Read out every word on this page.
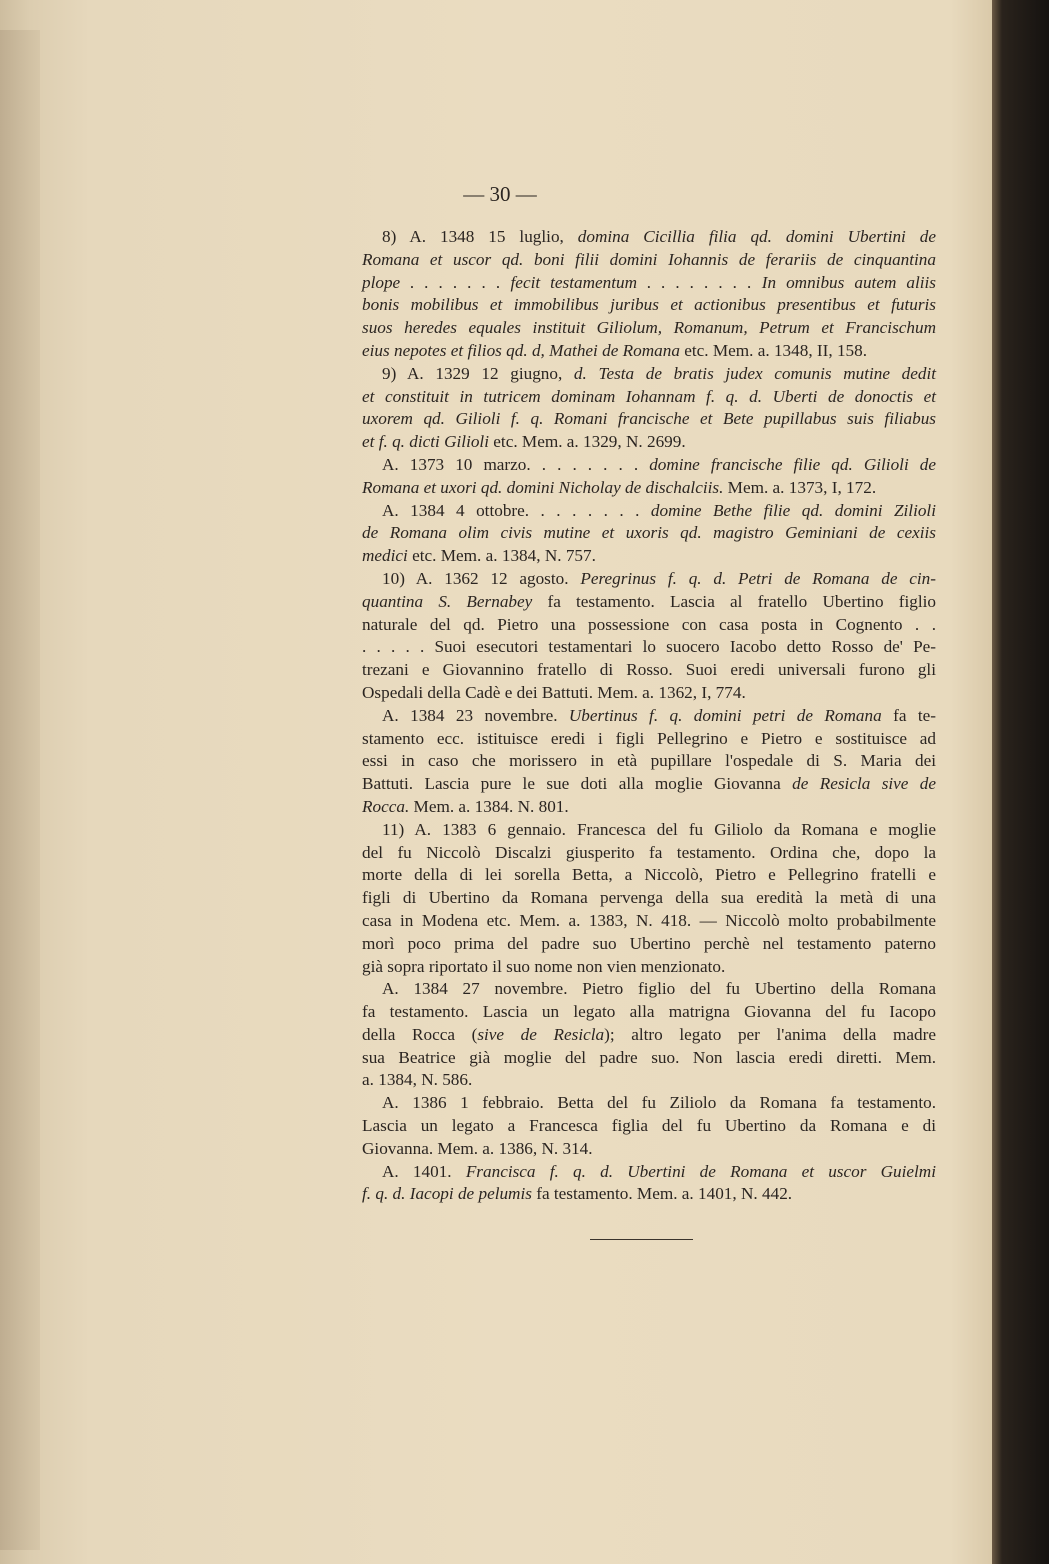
— 30 —
8) A. 1348 15 luglio, domina Cicillia filia qd. domini Ubertini de
Romana et uscor qd. boni filii domini Iohannis de ferariis de cinquantina
plope . . . . . . . fecit testamentum . . . . . . . . In omnibus autem aliis
bonis mobilibus et immobilibus juribus et actionibus presentibus et futuris
suos heredes equales instituit Giliolum, Romanum, Petrum et Francischum
eius nepotes et filios qd. d, Mathei de Romana etc. Mem. a. 1348, II, 158.
9) A. 1329 12 giugno, d. Testa de bratis judex comunis mutine dedit
et constituit in tutricem dominam Iohannam f. q. d. Uberti de donoctis et
uxorem qd. Gilioli f. q. Romani francische et Bete pupillabus suis filiabus
et f. q. dicti Gilioli etc. Mem. a. 1329, N. 2699.
A. 1373 10 marzo. . . . . . . . domine francische filie qd. Gilioli de
Romana et uxori qd. domini Nicholay de dischalciis. Mem. a. 1373, I, 172.
A. 1384 4 ottobre. . . . . . . . domine Bethe filie qd. domini Zilioli
de Romana olim civis mutine et uxoris qd. magistro Geminiani de cexiis
medici etc. Mem. a. 1384, N. 757.
10) A. 1362 12 agosto. Peregrinus f. q. d. Petri de Romana de cin-
quantina S. Bernabey fa testamento. Lascia al fratello Ubertino figlio
naturale del qd. Pietro una possessione con casa posta in Cognento . .
. . . . . Suoi esecutori testamentari lo suocero Iacobo detto Rosso de' Pe-
trezani e Giovannino fratello di Rosso. Suoi eredi universali furono gli
Ospedali della Cadè e dei Battuti. Mem. a. 1362, I, 774.
A. 1384 23 novembre. Ubertinus f. q. domini petri de Romana fa te-
stamento ecc. istituisce eredi i figli Pellegrino e Pietro e sostituisce ad
essi in caso che morissero in età pupillare l'ospedale di S. Maria dei
Battuti. Lascia pure le sue doti alla moglie Giovanna de Resicla sive de
Rocca. Mem. a. 1384. N. 801.
11) A. 1383 6 gennaio. Francesca del fu Giliolo da Romana e moglie
del fu Niccolò Discalzi giusperito fa testamento. Ordina che, dopo la
morte della di lei sorella Betta, a Niccolò, Pietro e Pellegrino fratelli e
figli di Ubertino da Romana pervenga della sua eredità la metà di una
casa in Modena etc. Mem. a. 1383, N. 418. — Niccolò molto probabilmente
morì poco prima del padre suo Ubertino perchè nel testamento paterno
già sopra riportato il suo nome non vien menzionato.
A. 1384 27 novembre. Pietro figlio del fu Ubertino della Romana
fa testamento. Lascia un legato alla matrigna Giovanna del fu Iacopo
della Rocca (sive de Resicla); altro legato per l'anima della madre
sua Beatrice già moglie del padre suo. Non lascia eredi diretti. Mem.
a. 1384, N. 586.
A. 1386 1 febbraio. Betta del fu Ziliolo da Romana fa testamento.
Lascia un legato a Francesca figlia del fu Ubertino da Romana e di
Giovanna. Mem. a. 1386, N. 314.
A. 1401. Francisca f. q. d. Ubertini de Romana et uscor Guielmi
f. q. d. Iacopi de pelumis fa testamento. Mem. a. 1401, N. 442.
